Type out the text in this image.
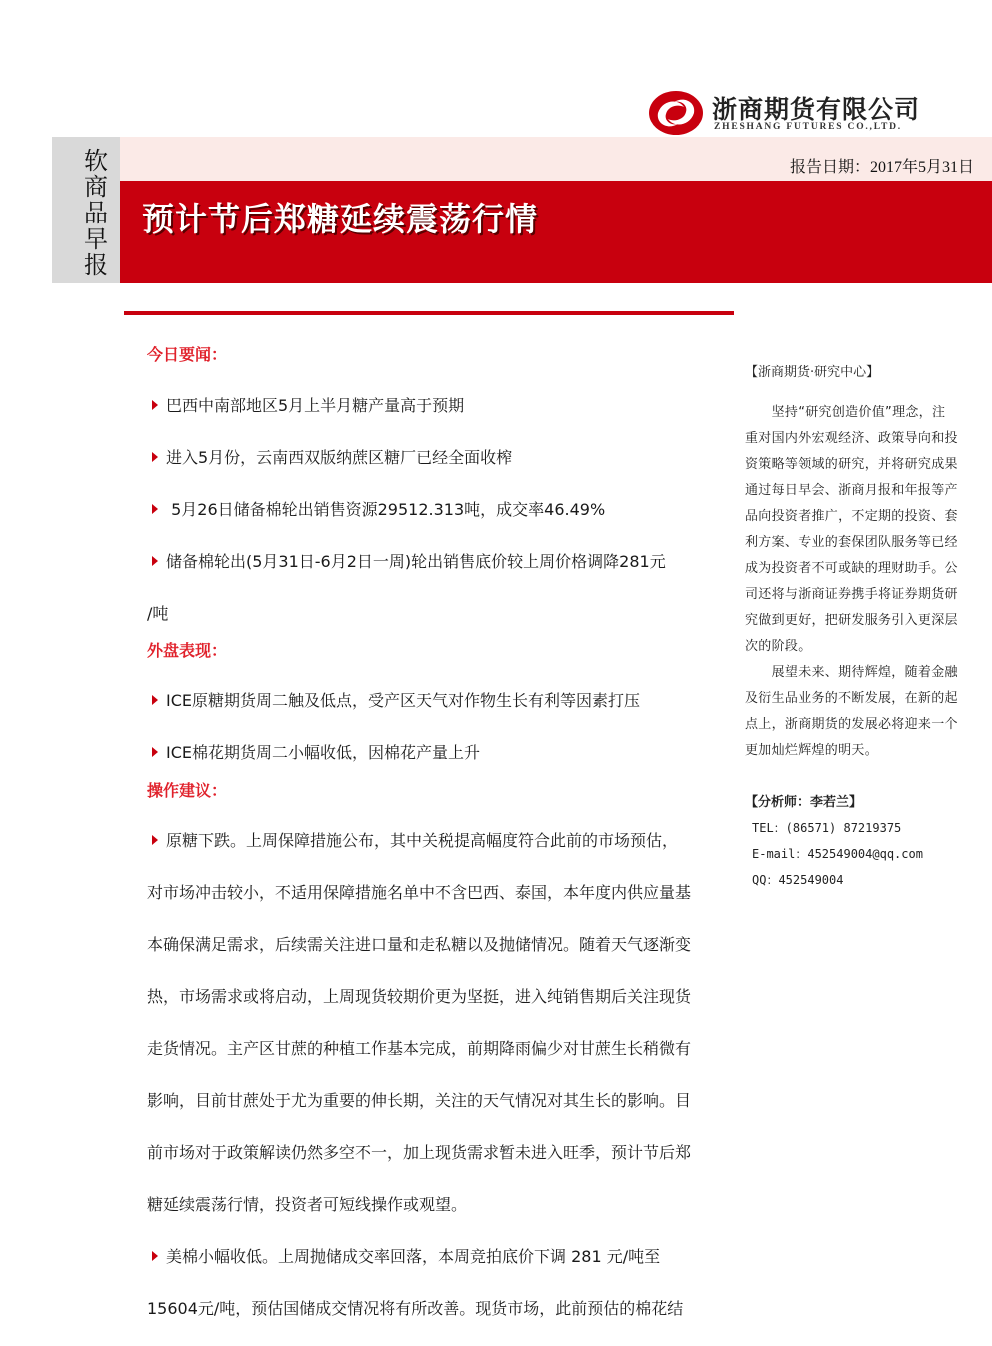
浙商期货有限公司
ZHESHANG FUTURES CO.,LTD.
软商品早报
报告日期：2017年5月31日
预计节后郑糖延续震荡行情
今日要闻：
巴西中南部地区5月上半月糖产量高于预期
进入5月份，云南西双版纳蔗区糖厂已经全面收榨
5月26日储备棉轮出销售资源29512.313吨，成交率46.49%
储备棉轮出(5月31日-6月2日一周)轮出销售底价较上周价格调降281元
/吨
外盘表现：
ICE原糖期货周二触及低点，受产区天气对作物生长有利等因素打压
ICE棉花期货周二小幅收低，因棉花产量上升
操作建议：
原糖下跌。上周保障措施公布，其中关税提高幅度符合此前的市场预估，
对市场冲击较小，不适用保障措施名单中不含巴西、泰国，本年度内供应量基
本确保满足需求，后续需关注进口量和走私糖以及抛储情况。随着天气逐渐变
热，市场需求或将启动，上周现货较期价更为坚挺，进入纯销售期后关注现货
走货情况。主产区甘蔗的种植工作基本完成，前期降雨偏少对甘蔗生长稍微有
影响，目前甘蔗处于尤为重要的伸长期，关注的天气情况对其生长的影响。目
前市场对于政策解读仍然多空不一，加上现货需求暂未进入旺季，预计节后郑
糖延续震荡行情，投资者可短线操作或观望。
美棉小幅收低。上周抛储成交率回落，本周竞拍底价下调 281 元/吨至
15604元/吨，预估国储成交情况将有所改善。现货市场，此前预估的棉花结
【浙商期货·研究中心】
　　坚持“研究创造价值”理念，注
重对国内外宏观经济、政策导向和投
资策略等领域的研究，并将研究成果
通过每日早会、浙商月报和年报等产
品向投资者推广，不定期的投资、套
利方案、专业的套保团队服务等已经
成为投资者不可或缺的理财助手。公
司还将与浙商证券携手将证券期货研
究做到更好，把研发服务引入更深层
次的阶段。
　　展望未来、期待辉煌，随着金融
及衍生品业务的不断发展，在新的起
点上，浙商期货的发展必将迎来一个
更加灿烂辉煌的明天。
【分析师：李若兰】
TEL：(86571) 87219375
E-mail：452549004@qq.com
QQ：452549004
